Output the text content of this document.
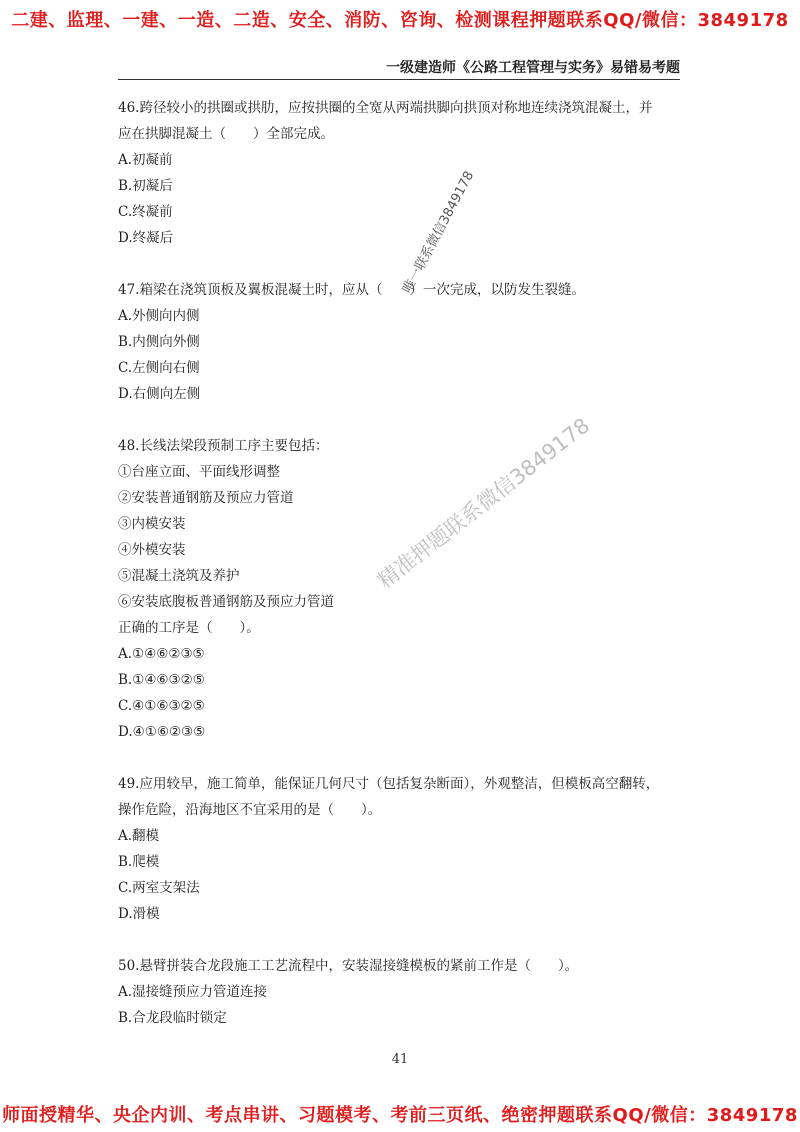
二建、监理、一建、一造、二造、安全、消防、咨询、检测课程押题联系QQ/微信：3849178
一级建造师《公路工程管理与实务》易错易考题
46.跨径较小的拱圈或拱肋，应按拱圈的全宽从两端拱脚向拱顶对称地连续浇筑混凝土，并
应在拱脚混凝土（　　）全部完成。
A.初凝前
B.初凝后
C.终凝前
D.终凝后
47.箱梁在浇筑顶板及翼板混凝土时，应从（　　）一次完成，以防发生裂缝。
A.外侧向内侧
B.内侧向外侧
C.左侧向右侧
D.右侧向左侧
48.长线法梁段预制工序主要包括：
①台座立面、平面线形调整
②安装普通钢筋及预应力管道
③内模安装
④外模安装
⑤混凝土浇筑及养护
⑥安装底腹板普通钢筋及预应力管道
正确的工序是（　　）。
A.①④⑥②③⑤
B.①④⑥③②⑤
C.④①⑥③②⑤
D.④①⑥②③⑤
49.应用较早，施工简单，能保证几何尺寸（包括复杂断面），外观整洁，但模板高空翻转，
操作危险，沿海地区不宜采用的是（　　）。
A.翻模
B.爬模
C.两室支架法
D.滑模
50.悬臂拼装合龙段施工工艺流程中，安装湿接缝模板的紧前工作是（　　）。
A.湿接缝预应力管道连接
B.合龙段临时锁定
唯一联系微信3849178
精准押题联系微信3849178
41
师面授精华、央企内训、考点串讲、习题模考、考前三页纸、绝密押题联系QQ/微信：3849178
